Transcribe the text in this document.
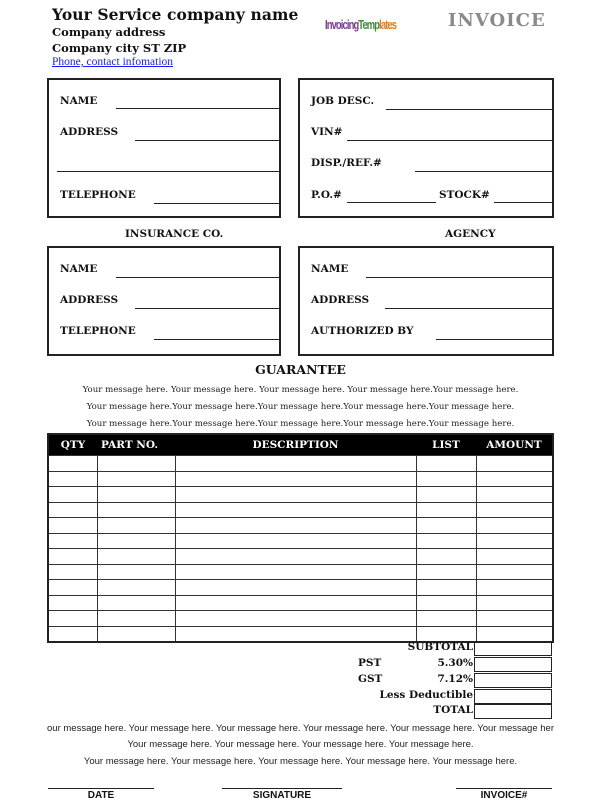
Your Service company name
Company address
Company city ST ZIP
Phone, contact infomation
InvoicingTemplates	INVOICE
NAME
ADDRESS
TELEPHONE
JOB DESC.
VIN#
DISP./REF.#
P.O.#	STOCK#
INSURANCE CO.
NAME
ADDRESS
TELEPHONE
AGENCY
NAME
ADDRESS
AUTHORIZED BY
GUARANTEE
Your message here. Your message here. Your message here. Your message here.Your message here.
Your message here.Your message here.Your message here.Your message here.Your message here.
Your message here.Your message here.Your message here.Your message here.Your message here.
QTY	PART NO.	DESCRIPTION	LIST	AMOUNT

SUBTOTAL
PST	5.30%
GST	7.12%
Less Deductible
TOTAL
our message here. Your message here. Your message here. Your message here. Your message here. Your message her
Your message here. Your message here. Your message here. Your message here.
Your message here. Your message here. Your message here. Your message here. Your message here.
DATE	SIGNATURE	INVOICE#
